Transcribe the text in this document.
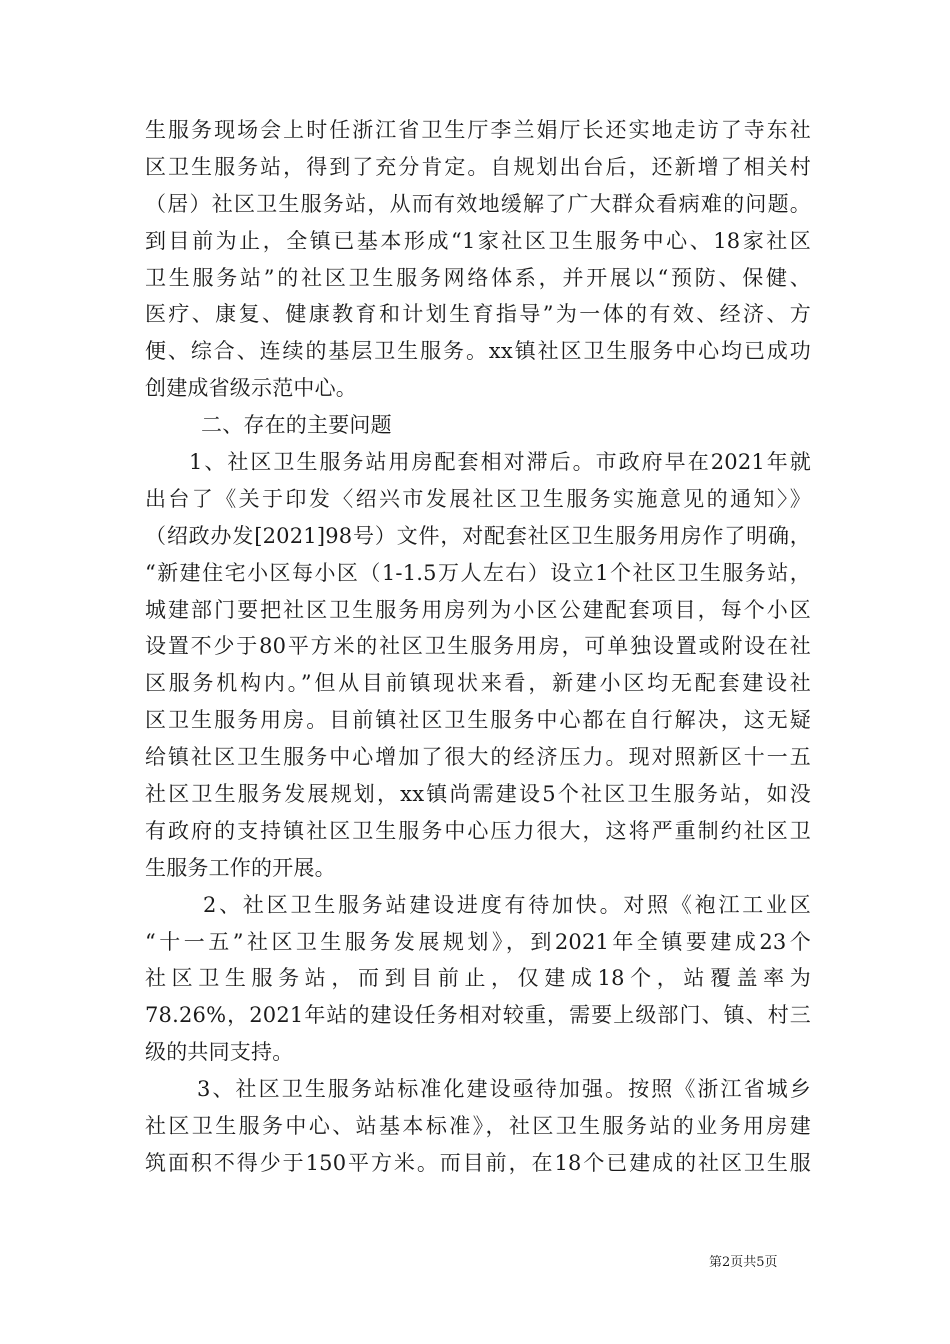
生服务现场会上时任浙江省卫生厅李兰娟厅长还实地走访了寺东社
区卫生服务站，得到了充分肯定。自规划出台后，还新增了相关村
（居）社区卫生服务站，从而有效地缓解了广大群众看病难的问题。
到目前为止，全镇已基本形成“1家社区卫生服务中心、18家社区
卫生服务站”的社区卫生服务网络体系，并开展以“预防、保健、
医疗、康复、健康教育和计划生育指导”为一体的有效、经济、方
便、综合、连续的基层卫生服务。xx镇社区卫生服务中心均已成功
创建成省级示范中心。
二、存在的主要问题
1、社区卫生服务站用房配套相对滞后。市政府早在2021年就
出台了《关于印发〈绍兴市发展社区卫生服务实施意见的通知〉》
（绍政办发[2021]98号）文件，对配套社区卫生服务用房作了明确，
“新建住宅小区每小区（1-1.5万人左右）设立1个社区卫生服务站，
城建部门要把社区卫生服务用房列为小区公建配套项目，每个小区
设置不少于80平方米的社区卫生服务用房，可单独设置或附设在社
区服务机构内。”但从目前镇现状来看，新建小区均无配套建设社
区卫生服务用房。目前镇社区卫生服务中心都在自行解决，这无疑
给镇社区卫生服务中心增加了很大的经济压力。现对照新区十一五
社区卫生服务发展规划，xx镇尚需建设5个社区卫生服务站，如没
有政府的支持镇社区卫生服务中心压力很大，这将严重制约社区卫
生服务工作的开展。
2、社区卫生服务站建设进度有待加快。对照《袍江工业区
“十一五”社区卫生服务发展规划》，到2021年全镇要建成23个
社区卫生服务站，而到目前止，仅建成18个，站覆盖率为
78.26%，2021年站的建设任务相对较重，需要上级部门、镇、村三
级的共同支持。
3、社区卫生服务站标准化建设亟待加强。按照《浙江省城乡
社区卫生服务中心、站基本标准》，社区卫生服务站的业务用房建
筑面积不得少于150平方米。而目前，在18个已建成的社区卫生服
第2页共5页
